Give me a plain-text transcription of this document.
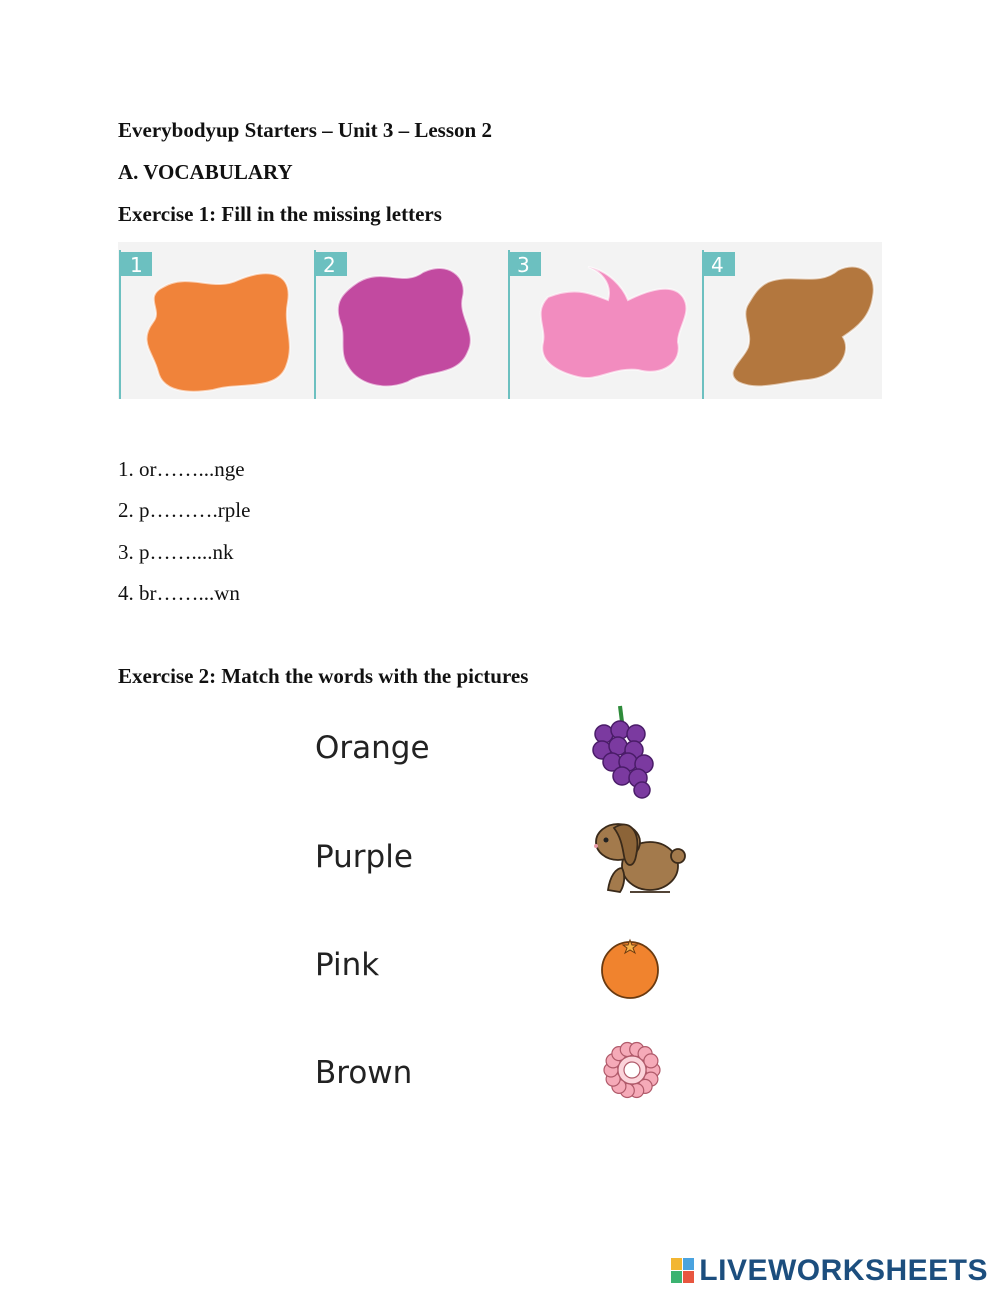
Everybodyup Starters – Unit 3 – Lesson 2
A. VOCABULARY
Exercise 1: Fill in the missing letters
1	2	3	4
1. or……...nge
2. p……….rple
3. p……....nk
4. br……...wn
Exercise 2: Match the words with the pictures
Orange
Purple
Pink
Brown
LIVEWORKSHEETS
